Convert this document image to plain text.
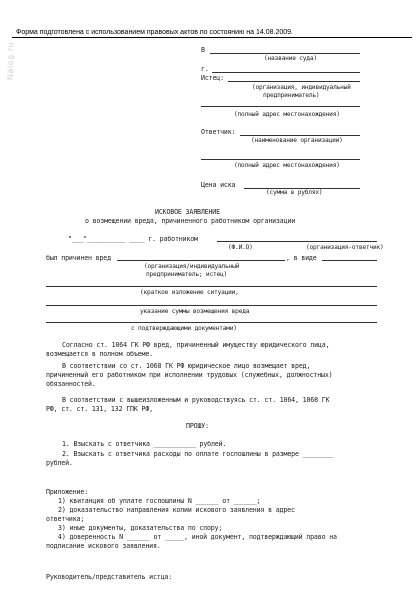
Nalog.ru
Форма подготовлена с использованием правовых актов по состоянию на 14.08.2009.
В
(название суда)
г.
Истец:
(организация, индивидуальный
предприниматель)
(полный адрес местонахождения)
Ответчик:
(наименование организации)
(полный адрес местонахождения)
Цена иска
(сумма в рублях)
ИСКОВОЕ ЗАЯВЛЕНИЕ
о возмещении вреда, причиненного работником организации
"___"__________ ____ г. работником
(Ф.И.О)	(организация-ответчик)
был причинен вред	, в виде
(организация/индивидуальный
предприниматель; истец)
(краткое изложение ситуации,
указание суммы возмещения вреда
с подтверждающими документами)
Согласно ст. 1064 ГК РФ вред, причиненный имуществу юридического лица,
возмещается в полном объеме.
В соответствии со ст. 1068 ГК РФ юридическое лицо возмещает вред,
причиненный его работником при исполнении трудовых (служебных, должностных)
обязанностей.
В соответствии с вышеизложенным и руководствуясь ст. ст. 1064, 1068 ГК
РФ, ст. ст. 131, 132 ГПК РФ,
ПРОШУ:
1. Взыскать с ответчика ___________ рублей.
2. Взыскать с ответчика расходы по оплате госпошлины в размере ________
рублей.
Приложение:
1) квитанция об уплате госпошлины N ______ от ______;
2) доказательство направления копии искового заявления в адрес
ответчика;
3) иные документы, доказательства по спору;
4) доверенность N ______ от _____, иной документ, подтверждающий право на
подписание искового заявления.
Руководитель/представитель истца:
